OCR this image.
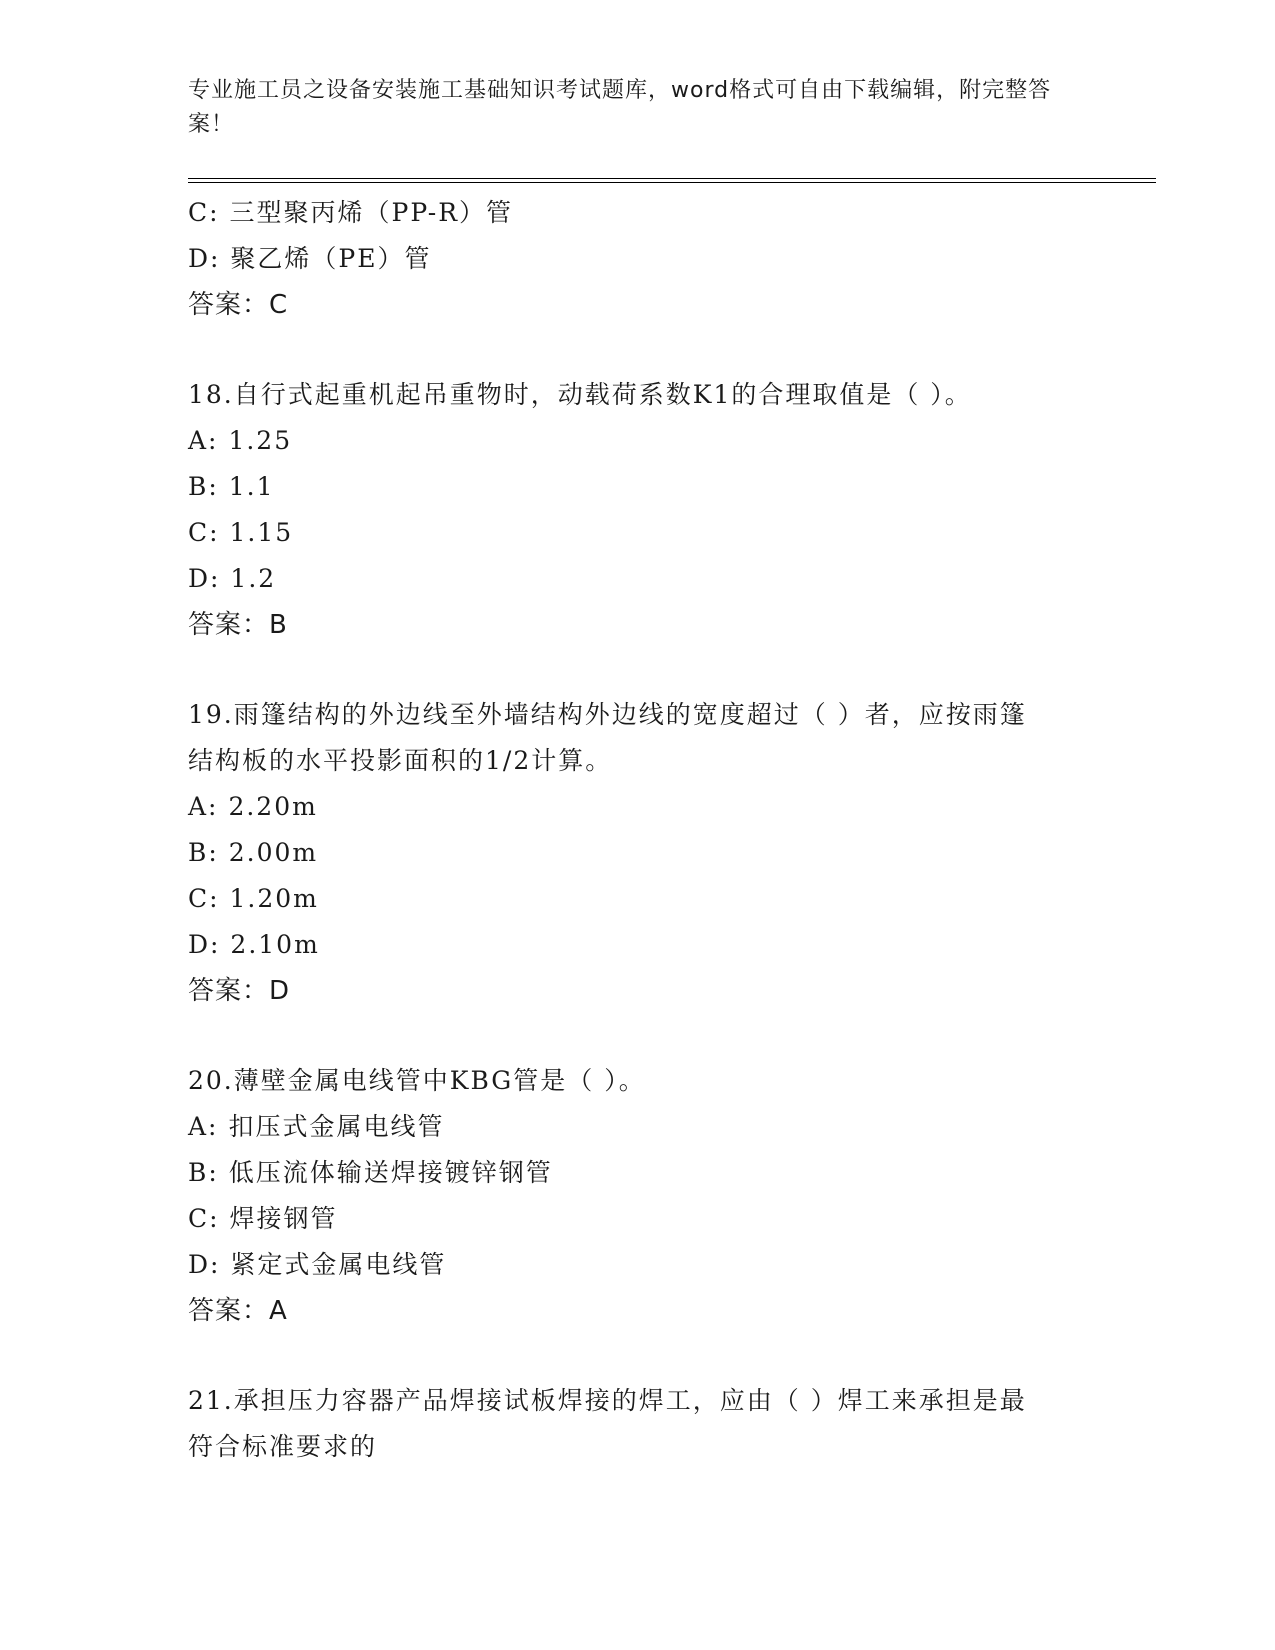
专业施工员之设备安装施工基础知识考试题库，word格式可自由下载编辑，附完整答案！
C: 三型聚丙烯（PP-R）管
D: 聚乙烯（PE）管
答案：C
18.自行式起重机起吊重物时，动载荷系数K1的合理取值是（ ）。
A: 1.25
B: 1.1
C: 1.15
D: 1.2
答案：B
19.雨篷结构的外边线至外墙结构外边线的宽度超过（ ）者，应按雨篷结构板的水平投影面积的1/2计算。
A: 2.20m
B: 2.00m
C: 1.20m
D: 2.10m
答案：D
20.薄壁金属电线管中KBG管是（ ）。
A: 扣压式金属电线管
B: 低压流体输送焊接镀锌钢管
C: 焊接钢管
D: 紧定式金属电线管
答案：A
21.承担压力容器产品焊接试板焊接的焊工，应由（ ）焊工来承担是最符合标准要求的
